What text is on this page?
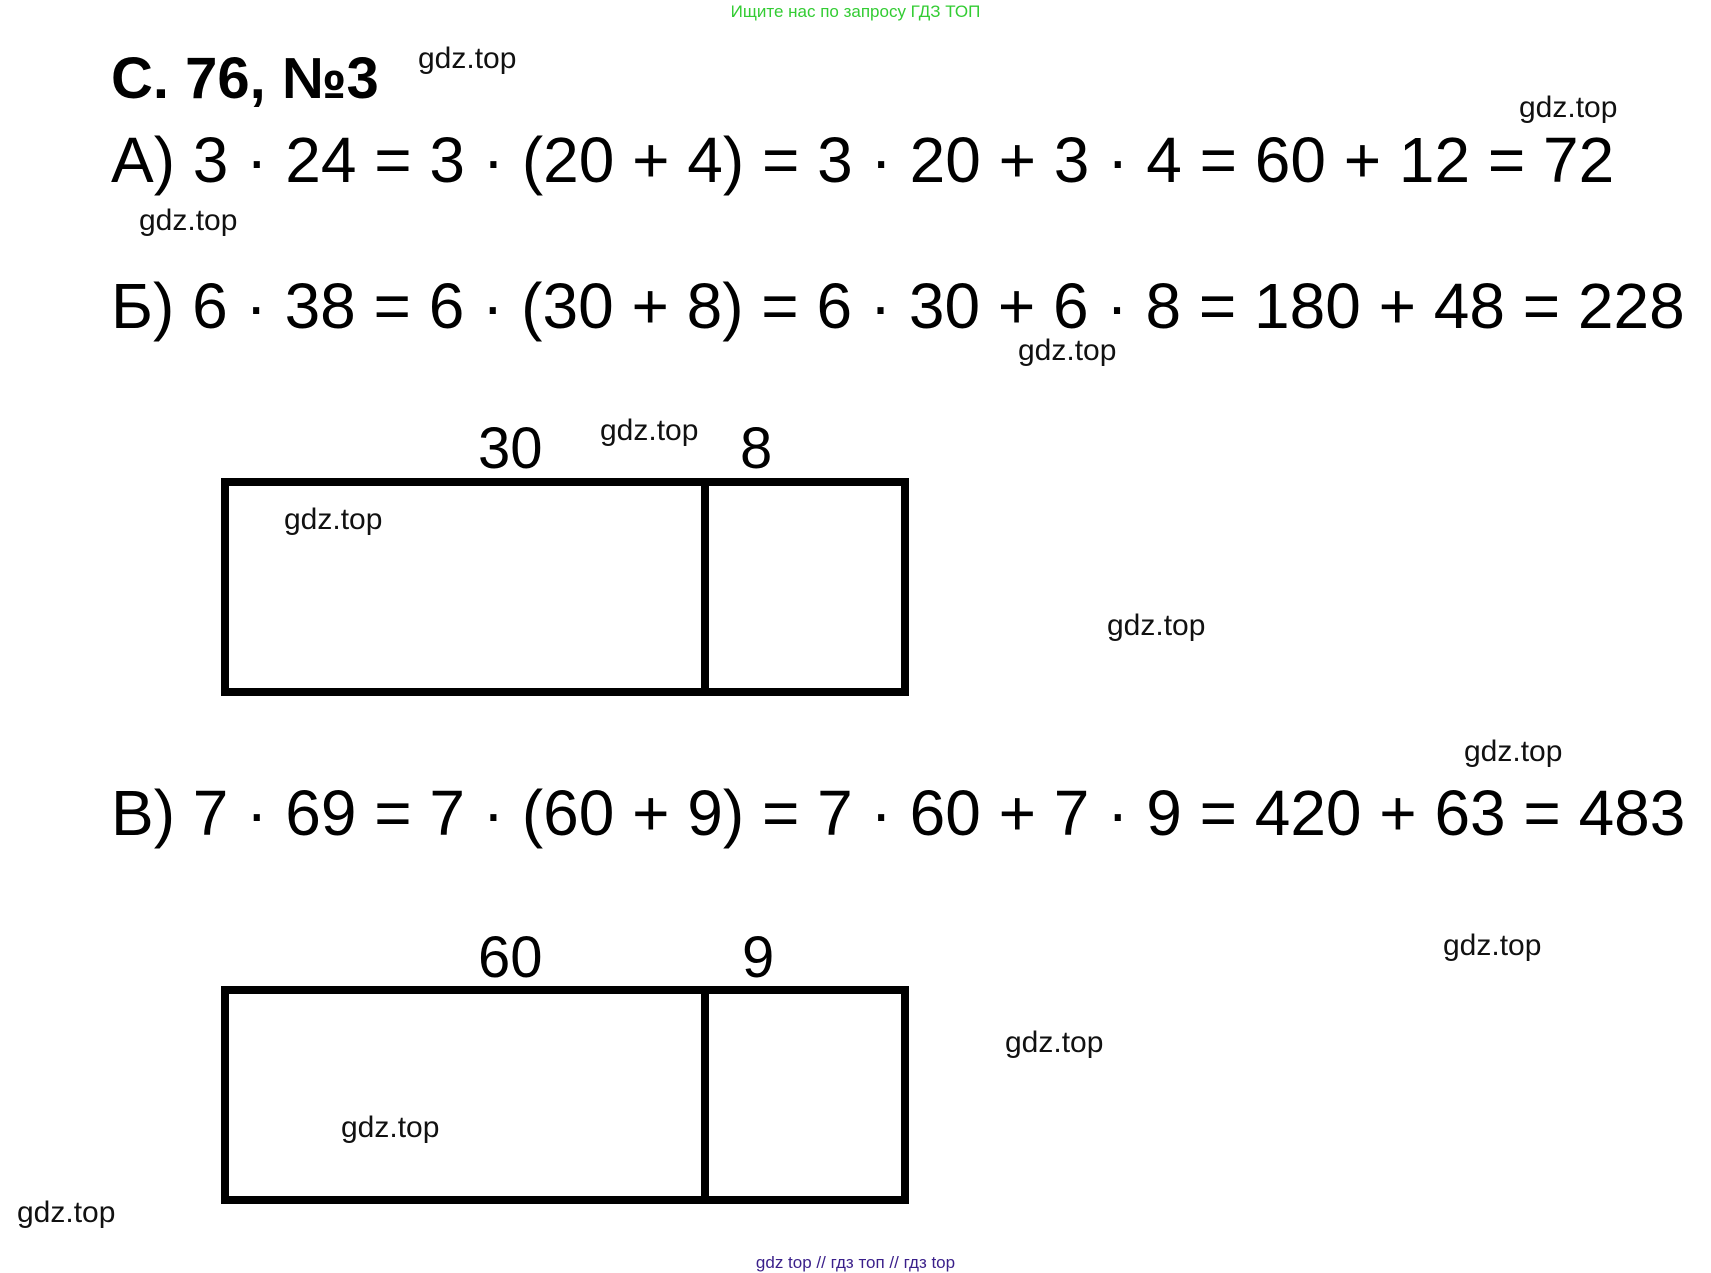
Ищите нас по запросу ГДЗ ТОП
С. 76, №3
А) 3 · 24 = 3 · (20 + 4) = 3 · 20 + 3 · 4 = 60 + 12 = 72
Б) 6 · 38 = 6 · (30 + 8) = 6 · 30 + 6 · 8 = 180 + 48 = 228
30	8
В) 7 · 69 = 7 · (60 + 9) = 7 · 60 + 7 · 9 = 420 + 63 = 483
60	9
gdz.top
gdz.top
gdz.top
gdz.top
gdz.top
gdz.top
gdz.top
gdz.top
gdz.top
gdz.top
gdz.top
gdz.top
gdz top // гдз топ // гдз top
